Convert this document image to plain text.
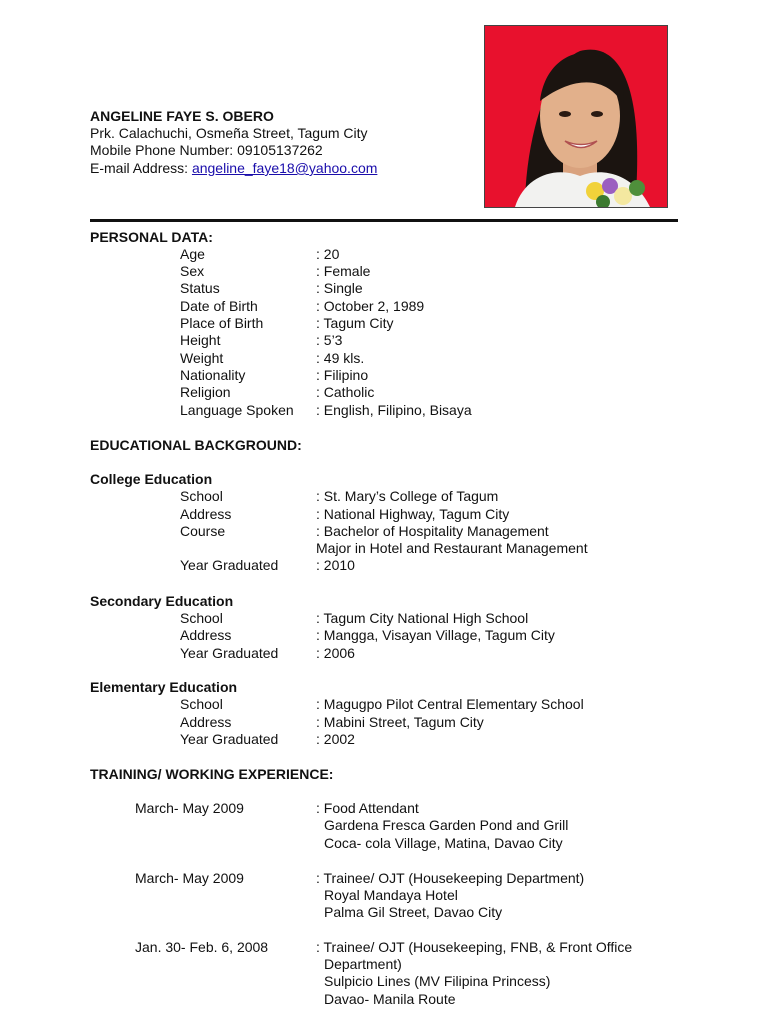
ANGELINE FAYE S. OBERO
Prk. Calachuchi, Osmeña Street, Tagum City
Mobile Phone Number: 09105137262
E-mail Address: angeline_faye18@yahoo.com
PERSONAL DATA:
Age	: 20
Sex	: Female
Status	: Single
Date of Birth	: October 2, 1989
Place of Birth	: Tagum City
Height	: 5’3
Weight	: 49 kls.
Nationality	: Filipino
Religion	: Catholic
Language Spoken : English, Filipino, Bisaya
EDUCATIONAL BACKGROUND:
College Education
School	: St. Mary’s College of Tagum
Address	: National Highway, Tagum City
Course	: Bachelor of Hospitality Management
Major in Hotel and Restaurant Management
Year Graduated	: 2010
Secondary Education
School	: Tagum City National High School
Address	: Mangga, Visayan Village, Tagum City
Year Graduated	: 2006
Elementary Education
School	: Magugpo Pilot Central Elementary School
Address	: Mabini Street, Tagum City
Year Graduated	: 2002
TRAINING/ WORKING EXPERIENCE:
March- May 2009	: Food Attendant
Gardena Fresca Garden Pond and Grill
Coca- cola Village, Matina, Davao City
March- May 2009	: Trainee/ OJT (Housekeeping Department)
Royal Mandaya Hotel
Palma Gil Street, Davao City
Jan. 30- Feb. 6, 2008	: Trainee/ OJT (Housekeeping, FNB, & Front Office
Department)
Sulpicio Lines (MV Filipina Princess)
Davao- Manila Route
